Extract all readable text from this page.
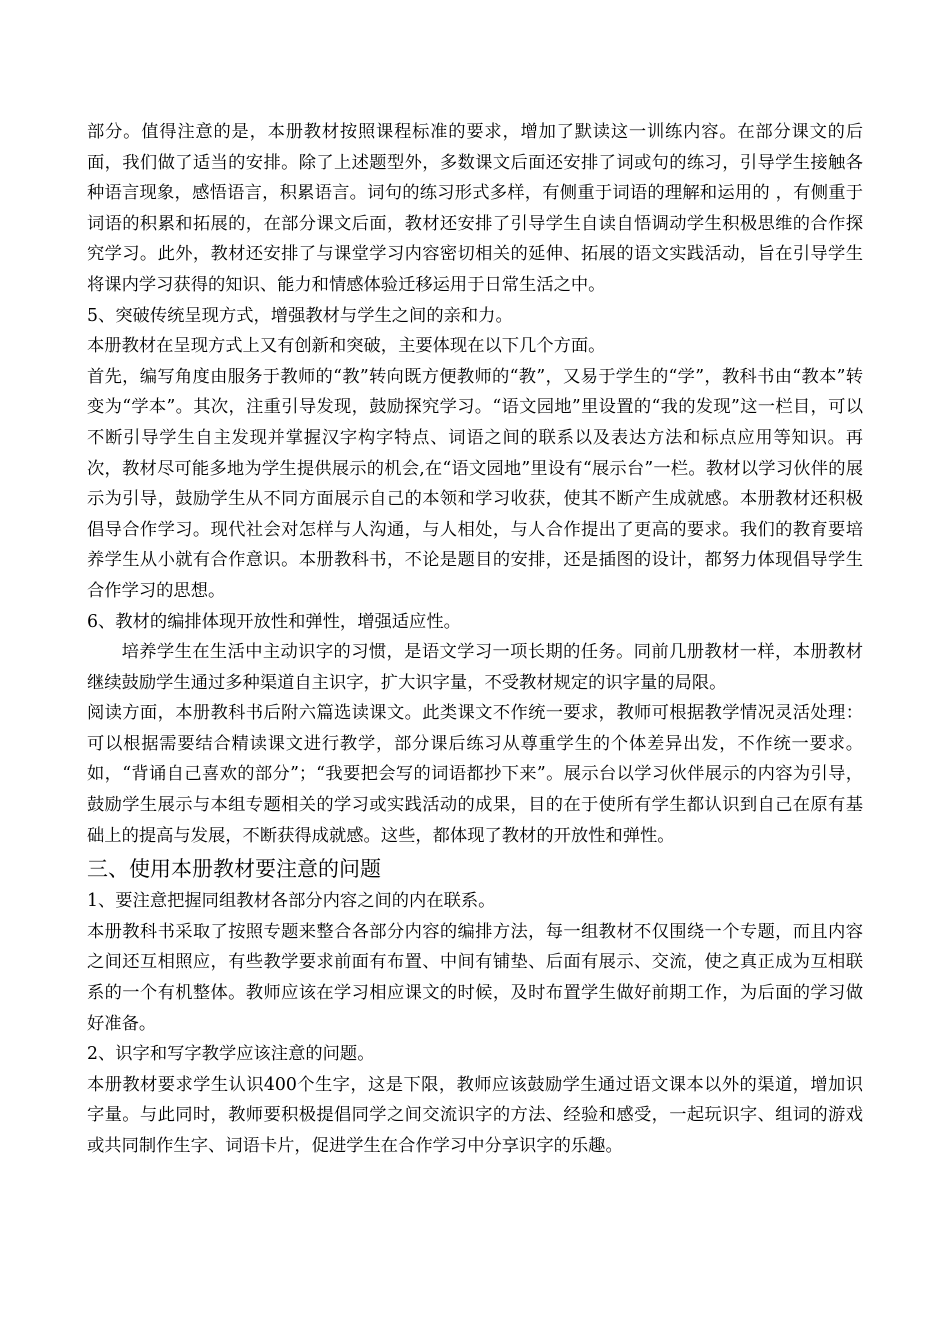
部分。值得注意的是，本册教材按照课程标准的要求，增加了默读这一训练内容。在部分课文的后面，我们做了适当的安排。除了上述题型外，多数课文后面还安排了词或句的练习，引导学生接触各种语言现象，感悟语言，积累语言。词句的练习形式多样，有侧重于词语的理解和运用的 ，有侧重于词语的积累和拓展的，在部分课文后面，教材还安排了引导学生自读自悟调动学生积极思维的合作探究学习。此外，教材还安排了与课堂学习内容密切相关的延伸、拓展的语文实践活动，旨在引导学生将课内学习获得的知识、能力和情感体验迁移运用于日常生活之中。

5、突破传统呈现方式，增强教材与学生之间的亲和力。

本册教材在呈现方式上又有创新和突破，主要体现在以下几个方面。

首先，编写角度由服务于教师的“教”转向既方便教师的“教”，又易于学生的“学”，教科书由“教本”转变为“学本”。其次，注重引导发现，鼓励探究学习。“语文园地”里设置的“我的发现”这一栏目，可以不断引导学生自主发现并掌握汉字构字特点、词语之间的联系以及表达方法和标点应用等知识。再次，教材尽可能多地为学生提供展示的机会,在“语文园地”里设有“展示台”一栏。教材以学习伙伴的展示为引导，鼓励学生从不同方面展示自己的本领和学习收获，使其不断产生成就感。本册教材还积极倡导合作学习。现代社会对怎样与人沟通，与人相处，与人合作提出了更高的要求。我们的教育要培养学生从小就有合作意识。本册教科书，不论是题目的安排，还是插图的设计，都努力体现倡导学生合作学习的思想。

6、教材的编排体现开放性和弹性，增强适应性。

培养学生在生活中主动识字的习惯，是语文学习一项长期的任务。同前几册教材一样，本册教材继续鼓励学生通过多种渠道自主识字，扩大识字量，不受教材规定的识字量的局限。

阅读方面，本册教科书后附六篇选读课文。此类课文不作统一要求，教师可根据教学情况灵活处理：可以根据需要结合精读课文进行教学，部分课后练习从尊重学生的个体差异出发，不作统一要求。如，“背诵自己喜欢的部分”；“我要把会写的词语都抄下来”。展示台以学习伙伴展示的内容为引导，鼓励学生展示与本组专题相关的学习或实践活动的成果，目的在于使所有学生都认识到自己在原有基础上的提高与发展，不断获得成就感。这些，都体现了教材的开放性和弹性。

三、使用本册教材要注意的问题

1、要注意把握同组教材各部分内容之间的内在联系。

本册教科书采取了按照专题来整合各部分内容的编排方法，每一组教材不仅围绕一个专题，而且内容之间还互相照应，有些教学要求前面有布置、中间有铺垫、后面有展示、交流，使之真正成为互相联系的一个有机整体。教师应该在学习相应课文的时候，及时布置学生做好前期工作，为后面的学习做好准备。

2、识字和写字教学应该注意的问题。

本册教材要求学生认识400个生字，这是下限，教师应该鼓励学生通过语文课本以外的渠道，增加识字量。与此同时，教师要积极提倡同学之间交流识字的方法、经验和感受，一起玩识字、组词的游戏或共同制作生字、词语卡片，促进学生在合作学习中分享识字的乐趣。
